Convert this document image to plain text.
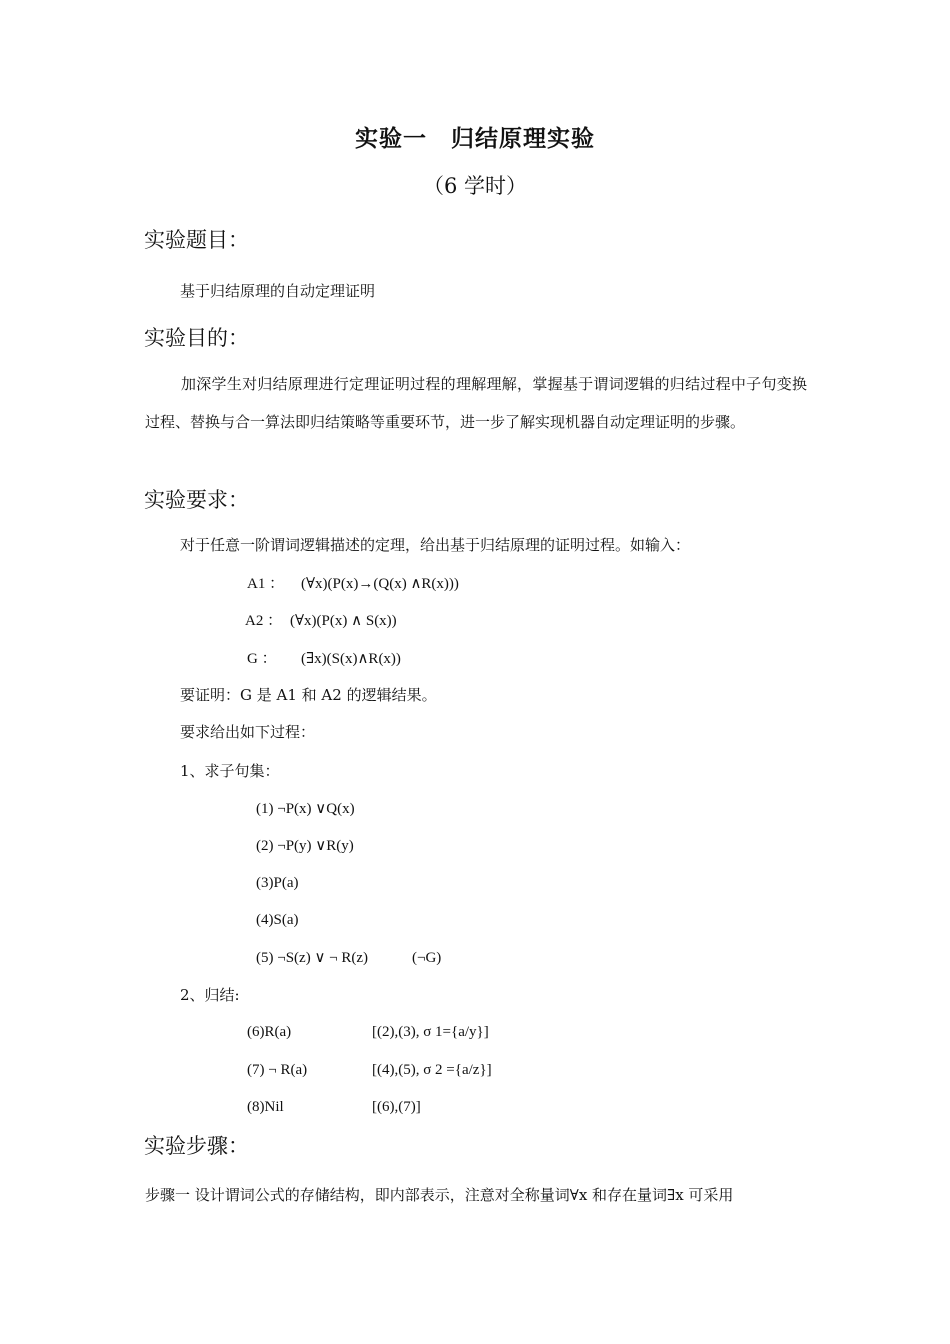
实验一　归结原理实验
（6 学时）
实验题目：
基于归结原理的自动定理证明
实验目的：

加深学生对归结原理进行定理证明过程的理解理解，掌握基于谓词逻辑的归结过程中子句变换过程、替换与合一算法即归结策略等重要环节，进一步了解实现机器自动定理证明的步骤。

实验要求：
对于任意一阶谓词逻辑描述的定理，给出基于归结原理的证明过程。如输入：
A1 ： (∀x)(P(x)→(Q(x) ∧R(x)))
A2 ： (∀x)(P(x) ∧ S(x))
G ： (∃x)(S(x)∧R(x))
要证明：G 是 A1 和 A2 的逻辑结果。
要求给出如下过程：
1、求子句集：
(1) ¬P(x) ∨Q(x)
(2) ¬P(y) ∨R(y)
(3)P(a)
(4)S(a)
(5) ¬S(z) ∨ ¬ R(z)	(¬G)
2、归结:
(6)R(a)	[(2),(3), σ 1={a/y}]
(7) ¬ R(a)	[(4),(5), σ 2 ={a/z}]
(8)Nil	[(6),(7)]
实验步骤：
步骤一 设计谓词公式的存储结构，即内部表示，注意对全称量词∀x 和存在量词∃x 可采用
